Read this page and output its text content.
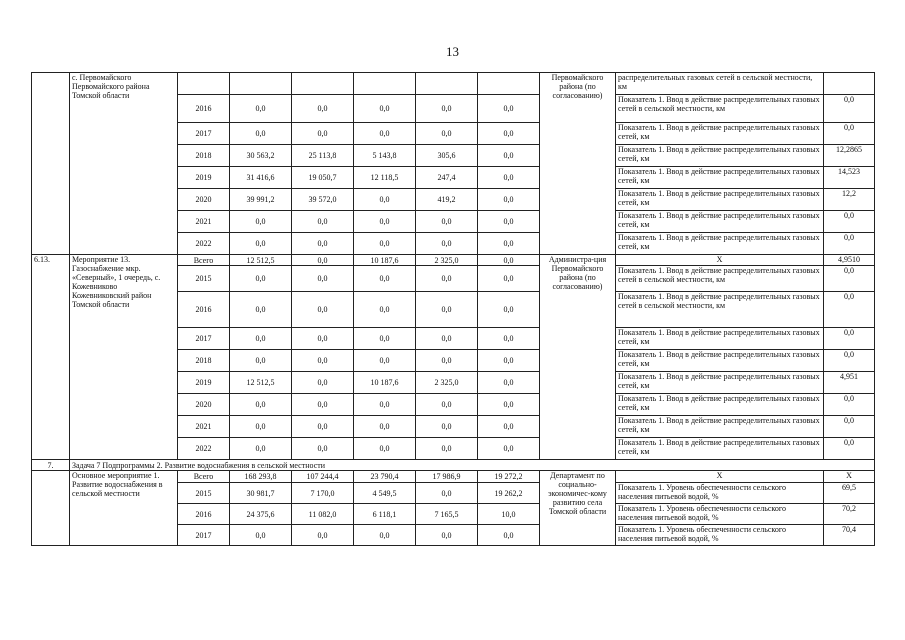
13
	с. Первомайского Первомайского района Томской области							Первомайского района (по согласованию)	распределительных газовых сетей в сельской местности, км	
		2016	0,0	0,0	0,0	0,0	0,0		Показатель 1. Ввод в действие распределительных газовых сетей в сельской местности, км	0,0
		2017	0,0	0,0	0,0	0,0	0,0		Показатель 1. Ввод в действие распределительных газовых сетей, км	0,0
		2018	30 563,2	25 113,8	5 143,8	305,6	0,0		Показатель 1. Ввод в действие распределительных газовых сетей, км	12,2865
		2019	31 416,6	19 050,7	12 118,5	247,4	0,0		Показатель 1. Ввод в действие распределительных газовых сетей, км	14,523
		2020	39 991,2	39 572,0	0,0	419,2	0,0		Показатель 1. Ввод в действие распределительных газовых сетей, км	12,2
		2021	0,0	0,0	0,0	0,0	0,0		Показатель 1. Ввод в действие распределительных газовых сетей, км	0,0
		2022	0,0	0,0	0,0	0,0	0,0		Показатель 1. Ввод в действие распределительных газовых сетей, км	0,0
6.13.	Мероприятие 13. Газоснабжение мкр. «Северный», 1 очередь, с. Кожевниково Кожевниковский район Томской области	Всего	12 512,5	0,0	10 187,6	2 325,0	0,0	Администра-ция Первомайского района (по согласованию)	X	4,9510
		2015	0,0	0,0	0,0	0,0	0,0		Показатель 1. Ввод в действие распределительных газовых сетей в сельской местности, км	0,0
		2016	0,0	0,0	0,0	0,0	0,0		Показатель 1. Ввод в действие распределительных газовых сетей в сельской местности, км	0,0
		2017	0,0	0,0	0,0	0,0	0,0		Показатель 1. Ввод в действие распределительных газовых сетей, км	0,0
		2018	0,0	0,0	0,0	0,0	0,0		Показатель 1. Ввод в действие распределительных газовых сетей, км	0,0
		2019	12 512,5	0,0	10 187,6	2 325,0	0,0		Показатель 1. Ввод в действие распределительных газовых сетей, км	4,951
		2020	0,0	0,0	0,0	0,0	0,0		Показатель 1. Ввод в действие распределительных газовых сетей, км	0,0
		2021	0,0	0,0	0,0	0,0	0,0		Показатель 1. Ввод в действие распределительных газовых сетей, км	0,0
		2022	0,0	0,0	0,0	0,0	0,0		Показатель 1. Ввод в действие распределительных газовых сетей, км	0,0
7.	Задача 7 Подпрограммы 2. Развитие водоснабжения в сельской местности									
	Основное мероприятие 1. Развитие водоснабжения в сельской местности	Всего	168 293,8	107 244,4	23 790,4	17 986,9	19 272,2	Департамент по социально-экономичес-кому развитию села Томской области	X	X
		2015	30 981,7	7 170,0	4 549,5	0,0	19 262,2		Показатель 1. Уровень обеспеченности сельского населения питьевой водой, %	69,5
		2016	24 375,6	11 082,0	6 118,1	7 165,5	10,0		Показатель 1. Уровень обеспеченности сельского населения питьевой водой, %	70,2
		2017	0,0	0,0	0,0	0,0	0,0		Показатель 1. Уровень обеспеченности сельского населения питьевой водой, %	70,4
